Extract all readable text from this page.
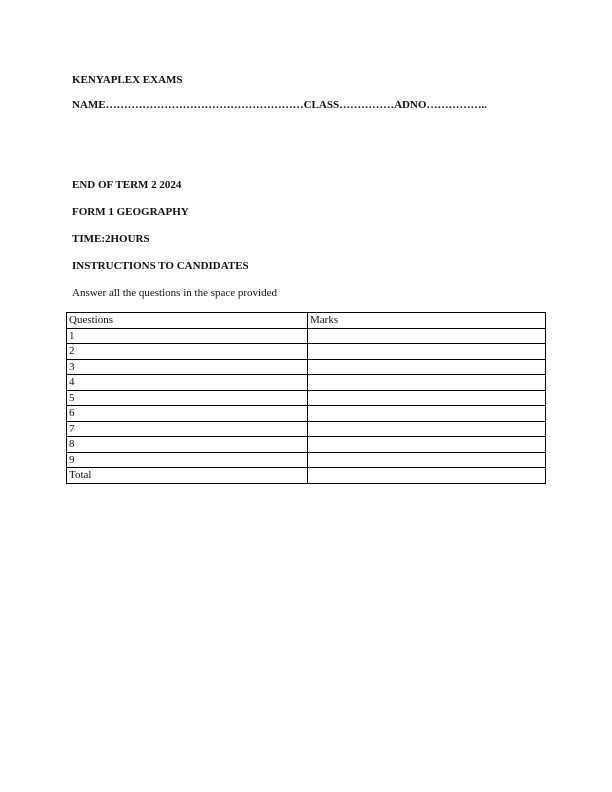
KENYAPLEX EXAMS
NAME………………………………………………CLASS……………ADNO……………..
END OF TERM 2 2024
FORM 1 GEOGRAPHY
TIME:2HOURS
INSTRUCTIONS TO CANDIDATES
Answer all the questions in the space provided
Questions	Marks
1	
2	
3	
4	
5	
6	
7	
8	
9	
Total	
